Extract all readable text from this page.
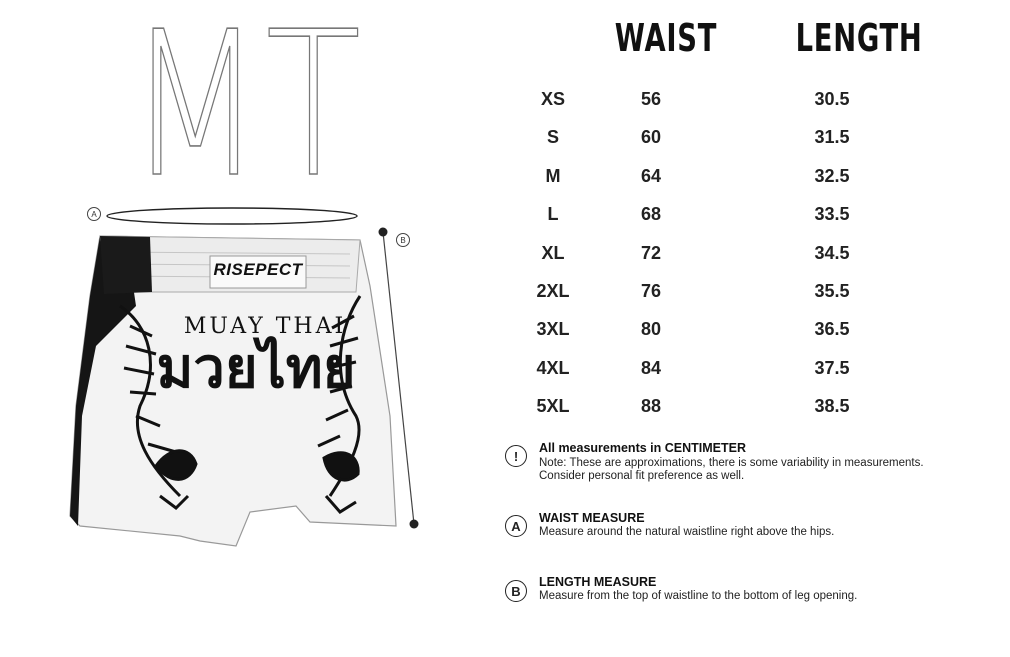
MT
RISEPECT
MUAY THAI
มวยไทย
A
B
WAIST LENGTH
XS	56	30.5
S	60	31.5
M	64	32.5
L	68	33.5
XL	72	34.5
2XL	76	35.5
3XL	80	36.5
4XL	84	37.5
5XL	88	38.5
!
All measurements in CENTIMETER
Note: These are approximations, there is some variability in measurements.
Consider personal fit preference as well.
A
WAIST MEASURE
Measure around the natural waistline right above the hips.
B
LENGTH MEASURE
Measure from the top of waistline to the bottom of leg opening.
